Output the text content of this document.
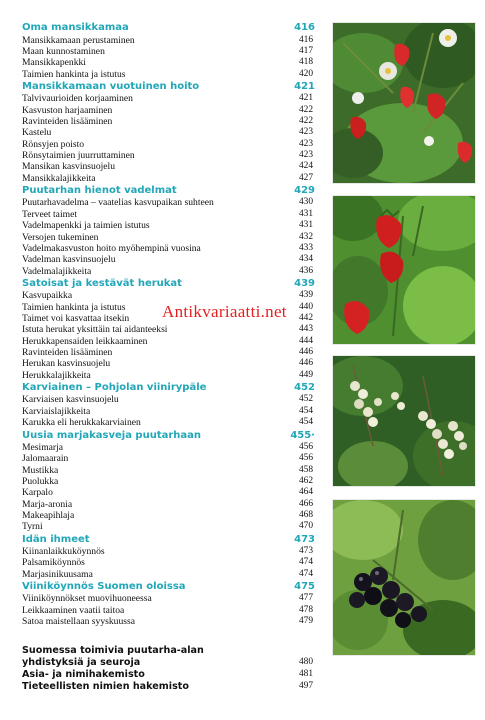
Oma mansikkamaa	416
Mansikkamaan perustaminen	416
Maan kunnostaminen	417
Mansikkapenkki	418
Taimien hankinta ja istutus	420
Mansikkamaan vuotuinen hoito	421
Talvivaurioiden korjaaminen	421
Kasvuston harjaaminen	422
Ravinteiden lisääminen	422
Kastelu	423
Rönsyjen poisto	423
Rönsytaimien juurruttaminen	423
Mansikan kasvinsuojelu	424
Mansikkalajikkeita	427
Puutarhan hienot vadelmat	429
Puutarhavadelma – vaatelias kasvupaikan suhteen	430
Terveet taimet	431
Vadelmapenkki ja taimien istutus	431
Versojen tukeminen	432
Vadelmakasvuston hoito myöhempinä vuosina	433
Vadelman kasvinsuojelu	434
Vadelmalajikkeita	436
Satoisat ja kestävät herukat	439
Kasvupaikka	439
Taimien hankinta ja istutus	440
Taimet voi kasvattaa itsekin	442
Istuta herukat yksittäin tai aidanteeksi	443
Herukkapensaiden leikkaaminen	444
Ravinteiden lisääminen	446
Herukan kasvinsuojelu	446
Herukkalajikkeita	449
Karviainen – Pohjolan viinirypäle	452
Karviaisen kasvinsuojelu	452
Karviaislajikkeita	454
Karukka eli herukkakarviainen	454
Uusia marjakasveja puutarhaan	455·
Mesimarja	456
Jalomaarain	456
Mustikka	458
Puolukka	462
Karpalo	464
Marja-aronia	466
Makeapihlaja	468
Tyrni	470
Idän ihmeet	473
Kiinanlaikkuköynnös	473
Palsamiköynnös	474
Marjasinikuusama	474
Viiniköynnös Suomen oloissa	475
Viiniköynnökset muovihuoneessa	477
Leikkaaminen vaatii taitoa	478
Satoa maistellaan syyskuussa	479
Suomessa toimivia puutarha-alan
yhdistyksiä ja seuroja	480
Asia- ja nimihakemisto	481
Tieteellisten nimien hakemisto	497
Antikvariaatti.net
